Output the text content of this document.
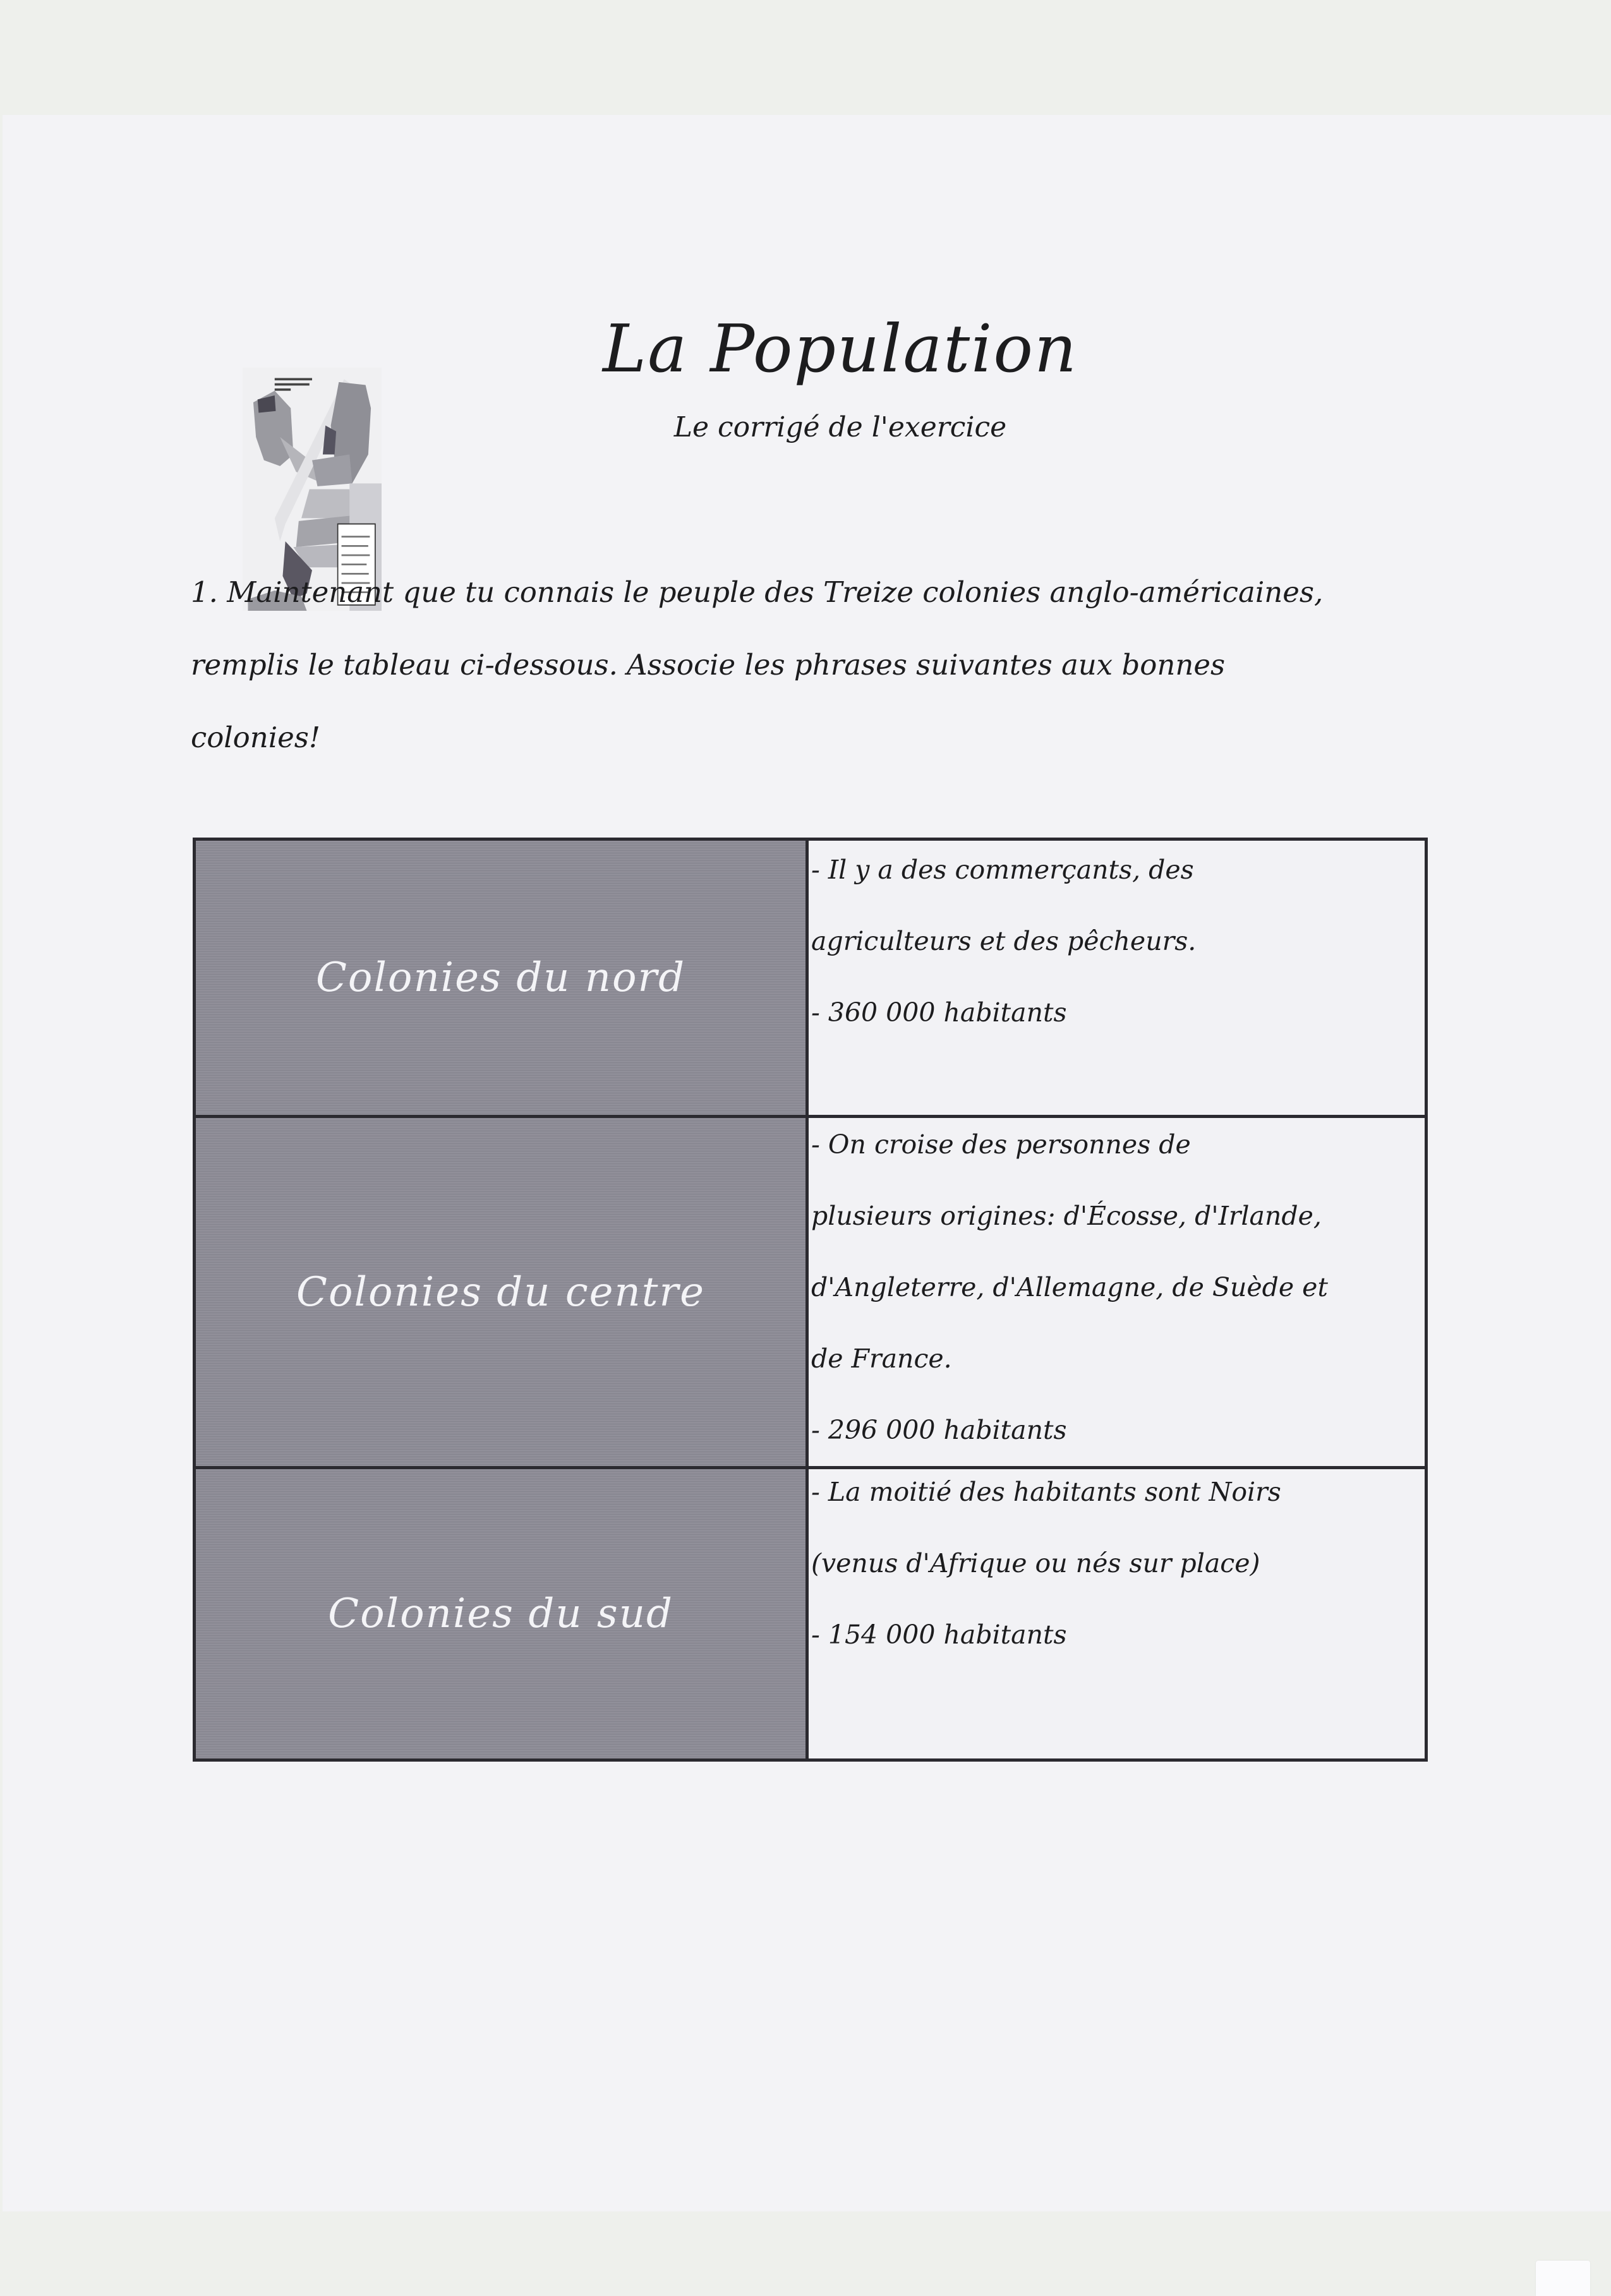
La Population
Le corrigé de l'exercice
1. Maintenant que tu connais le peuple des Treize colonies anglo-américaines,
remplis le tableau ci-dessous. Associe les phrases suivantes aux bonnes
colonies!
Colonies du nord	- Il y a des commerçants, des
agriculteurs et des pêcheurs.
- 360 000 habitants

Colonies du centre	- On croise des personnes de
plusieurs origines: d'Écosse, d'Irlande,
d'Angleterre, d'Allemagne, de Suède et
de France.
- 296 000 habitants

Colonies du sud	- La moitié des habitants sont Noirs
(venus d'Afrique ou nés sur place)
- 154 000 habitants
